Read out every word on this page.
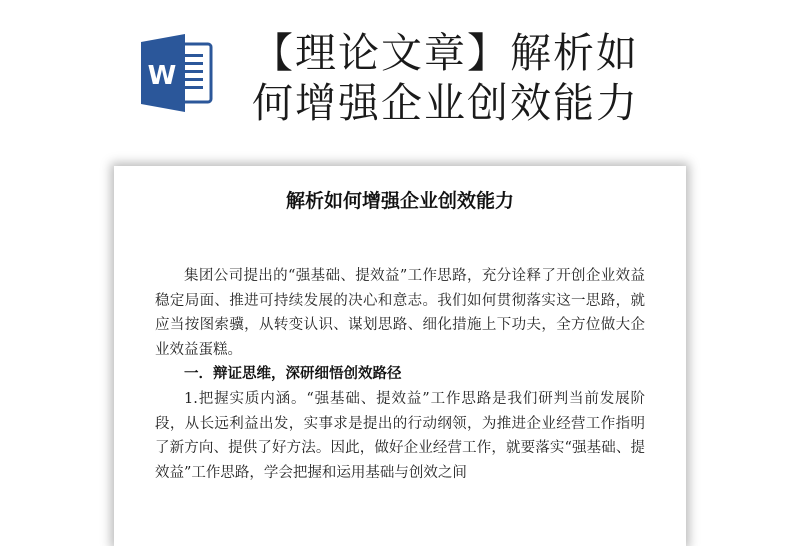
W 【理论文章】解析如
何增强企业创效能力
解析如何增强企业创效能力

集团公司提出的“强基础、提效益”工作思路，充分诠释了开创企业效益稳定局面、推进可持续发展的决心和意志。我们如何贯彻落实这一思路，就应当按图索骥，从转变认识、谋划思路、细化措施上下功夫，全方位做大企业效益蛋糕。

一．辩证思维，深研细悟创效路径

1.把握实质内涵。“强基础、提效益”工作思路是我们研判当前发展阶段，从长远利益出发，实事求是提出的行动纲领，为推进企业经营工作指明了新方向、提供了好方法。因此，做好企业经营工作，就要落实“强基础、提效益”工作思路，学会把握和运用基础与创效之间
